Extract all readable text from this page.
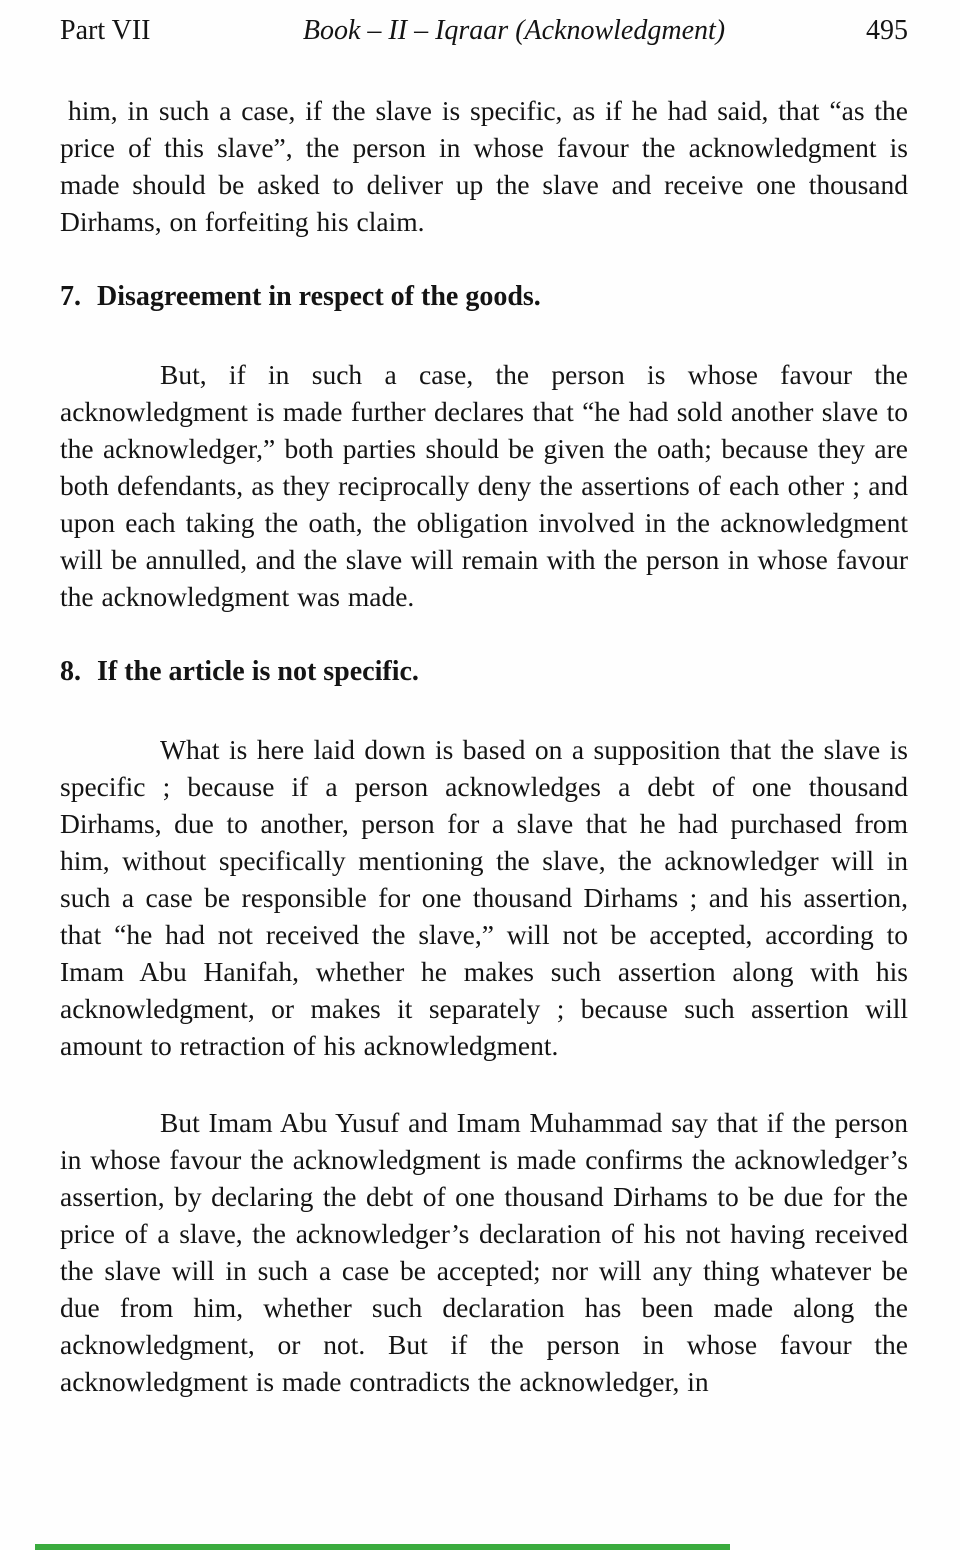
Part VII	Book – II – Iqraar (Acknowledgment)	495

him, in such a case, if the slave is specific, as if he had said, that “as the price of this slave”, the person in whose favour the acknowledgment is made should be asked to deliver up the slave and receive one thousand Dirhams, on forfeiting his claim.

7. Disagreement in respect of the goods.

But, if in such a case, the person is whose favour the acknowledgment is made further declares that “he had sold another slave to the acknowledger,” both parties should be given the oath; because they are both defendants, as they reciprocally deny the assertions of each other ; and upon each taking the oath, the obligation involved in the acknowledgment will be annulled, and the slave will remain with the person in whose favour the acknowledgment was made.

8. If the article is not specific.

What is here laid down is based on a supposition that the slave is specific ; because if a person acknowledges a debt of one thousand Dirhams, due to another, person for a slave that he had purchased from him, without specifically mentioning the slave, the acknowledger will in such a case be responsible for one thousand Dirhams ; and his assertion, that “he had not received the slave,” will not be accepted, according to Imam Abu Hanifah, whether he makes such assertion along with his acknowledgment, or makes it separately ; because such assertion will amount to retraction of his acknowledgment.

But Imam Abu Yusuf and Imam Muhammad say that if the person in whose favour the acknowledgment is made confirms the acknowledger’s assertion, by declaring the debt of one thousand Dirhams to be due for the price of a slave, the acknowledger’s declaration of his not having received the slave will in such a case be accepted; nor will any thing whatever be due from him, whether such declaration has been made along the acknowledgment, or not. But if the person in whose favour the acknowledgment is made contradicts the acknowledger, in
